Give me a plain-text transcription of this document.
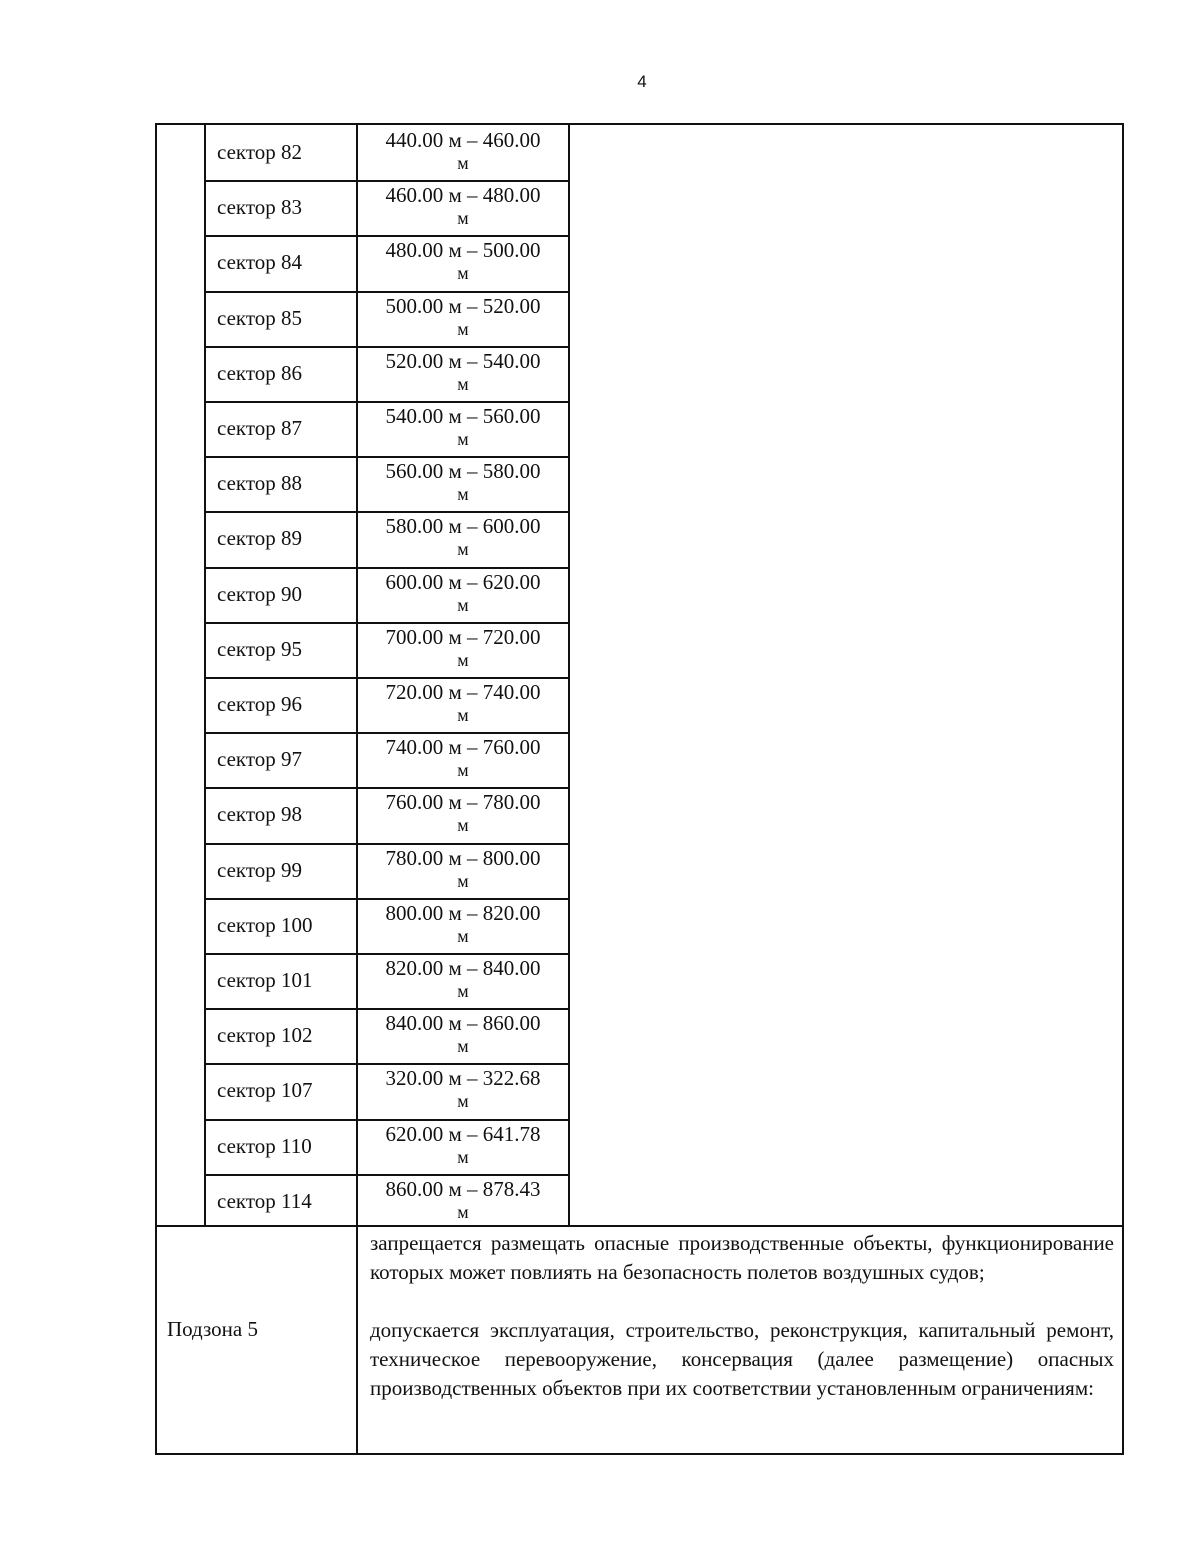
4
сектор 82	440.00 м – 460.00
м
сектор 83	460.00 м – 480.00
м
сектор 84	480.00 м – 500.00
м
сектор 85	500.00 м – 520.00
м
сектор 86	520.00 м – 540.00
м
сектор 87	540.00 м – 560.00
м
сектор 88	560.00 м – 580.00
м
сектор 89	580.00 м – 600.00
м
сектор 90	600.00 м – 620.00
м
сектор 95	700.00 м – 720.00
м
сектор 96	720.00 м – 740.00
м
сектор 97	740.00 м – 760.00
м
сектор 98	760.00 м – 780.00
м
сектор 99	780.00 м – 800.00
м
сектор 100	800.00 м – 820.00
м
сектор 101	820.00 м – 840.00
м
сектор 102	840.00 м – 860.00
м
сектор 107	320.00 м – 322.68
м
сектор 110	620.00 м – 641.78
м
сектор 114	860.00 м – 878.43
м
Подзона 5

запрещается размещать опасные производственные объекты, функционирование которых может повлиять на безопасность полетов воздушных судов;

допускается эксплуатация, строительство, реконструкция, капитальный ремонт, техническое перевооружение, консервация (далее размещение) опасных производственных объектов при их соответствии установленным ограничениям:
